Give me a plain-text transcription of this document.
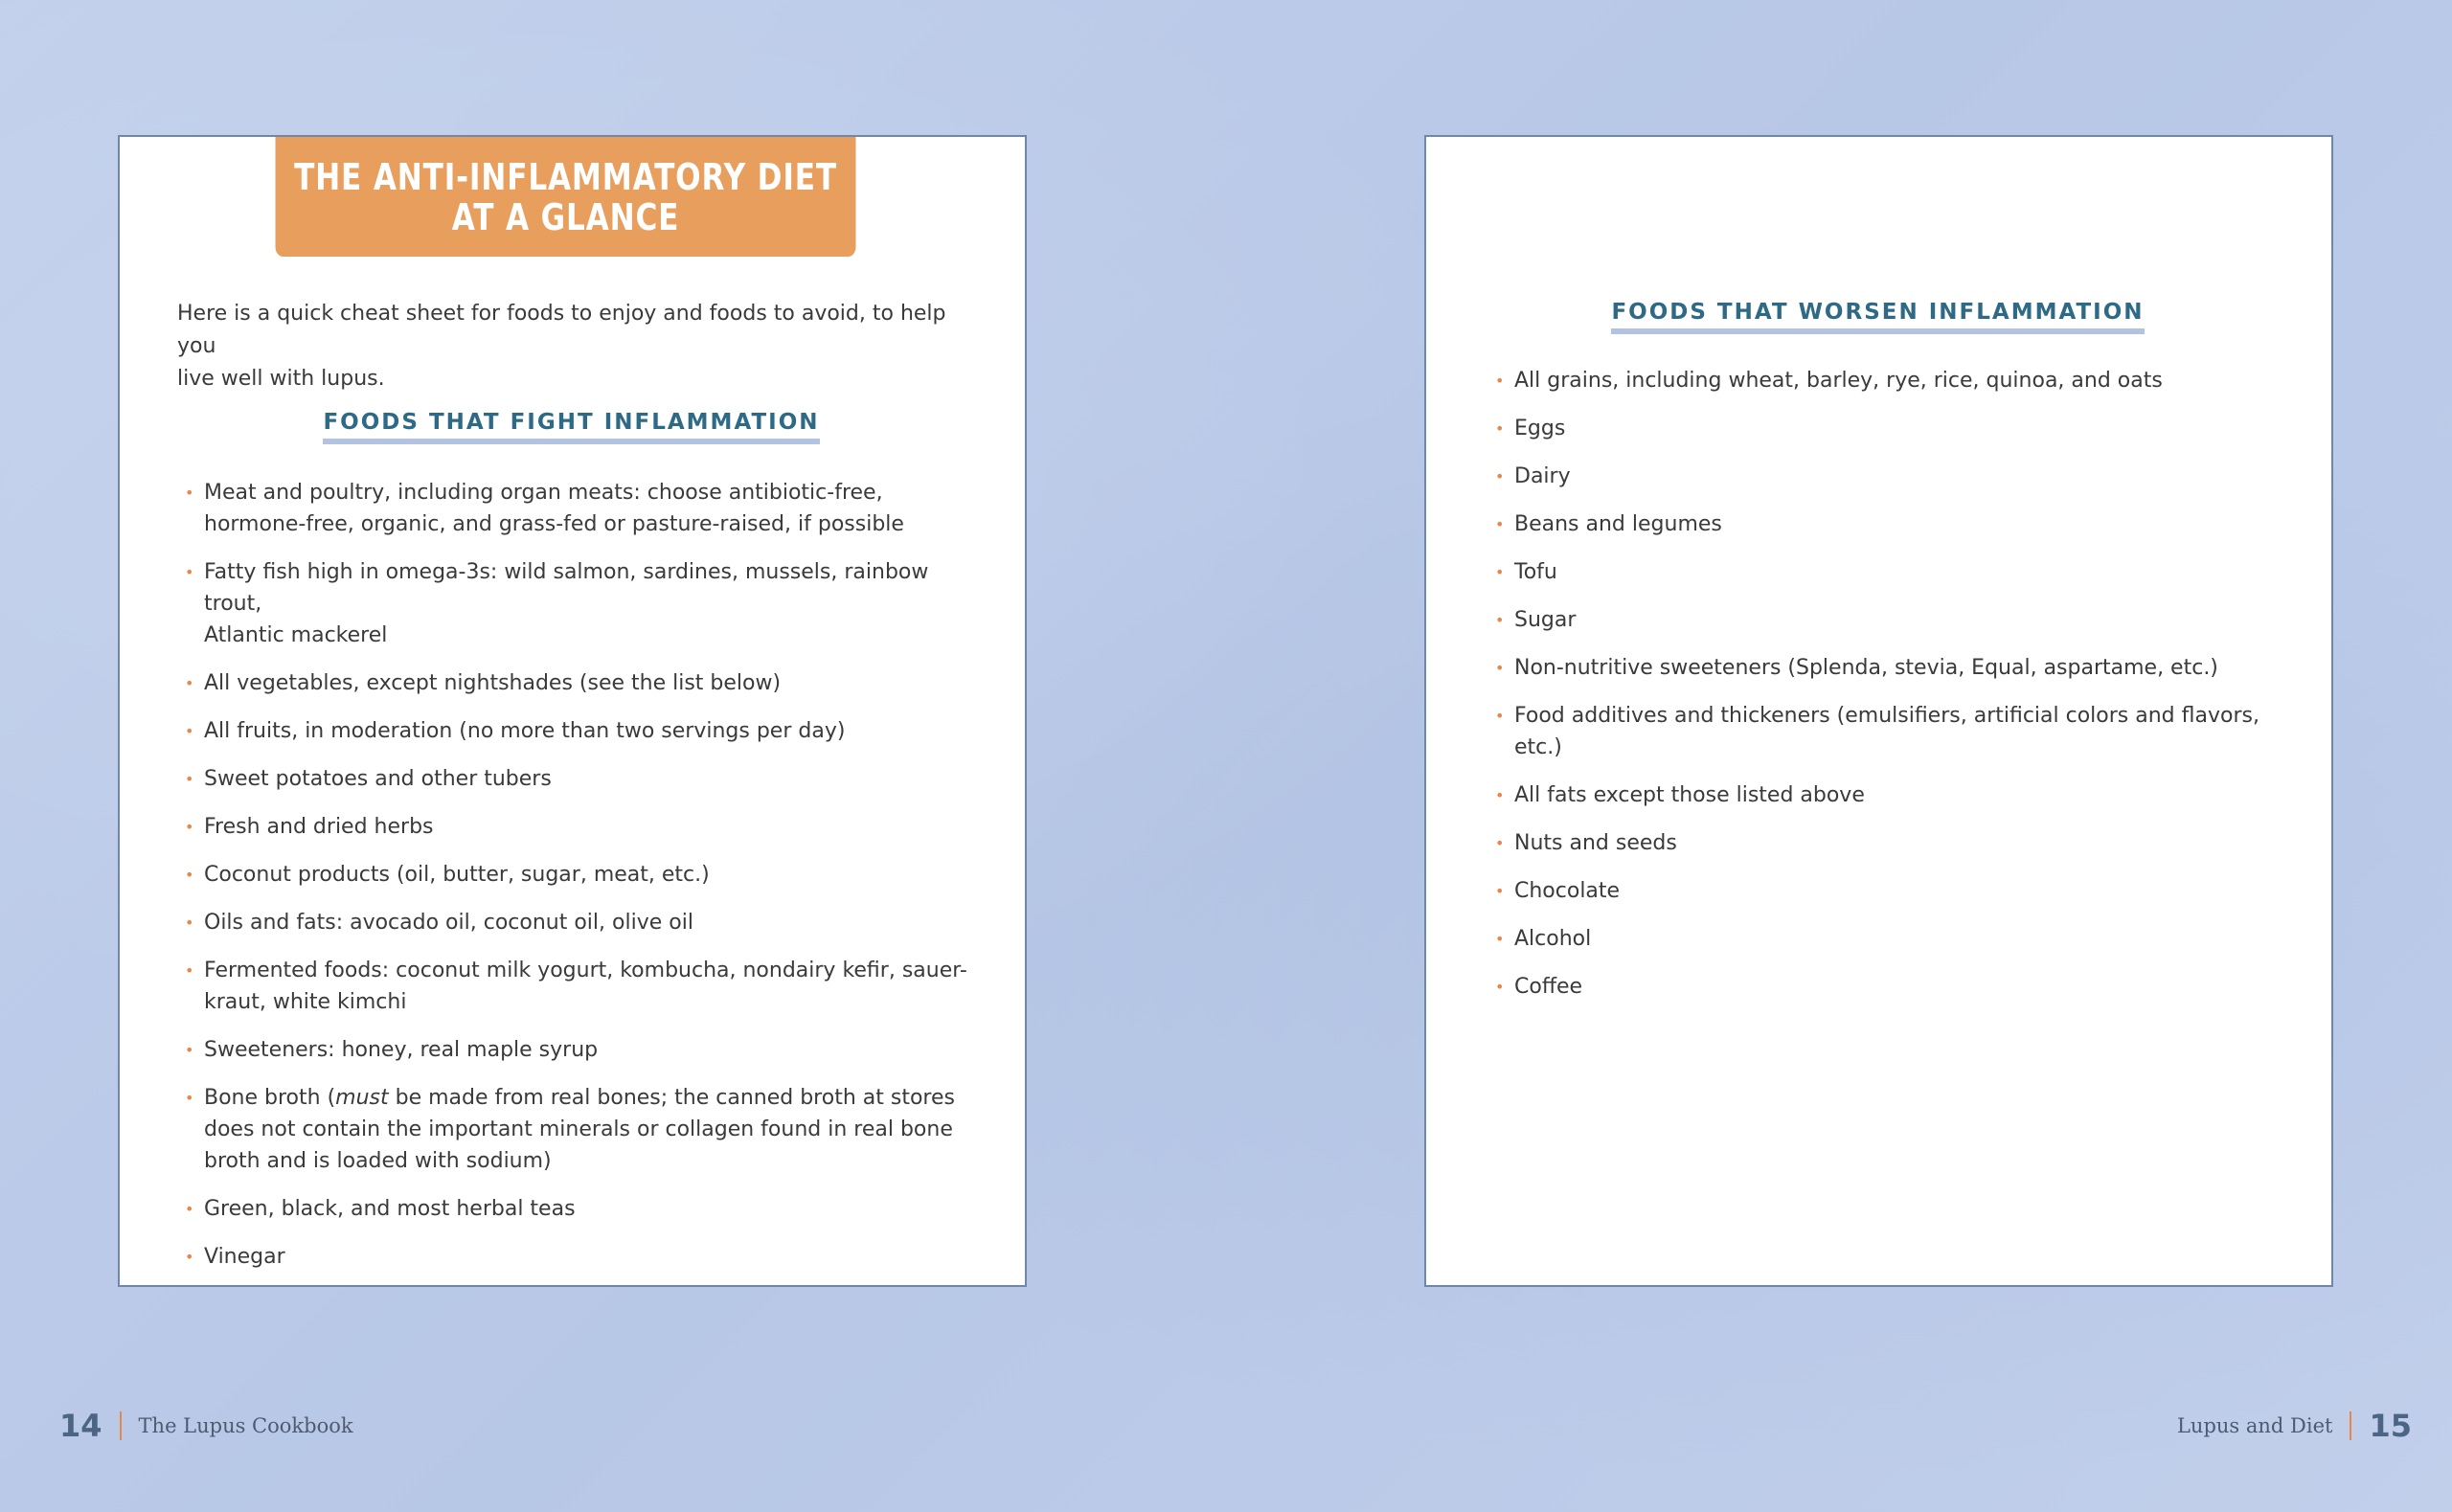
THE ANTI-INFLAMMATORY DIET
AT A GLANCE
Here is a quick cheat sheet for foods to enjoy and foods to avoid, to help you
live well with lupus.
FOODS THAT FIGHT INFLAMMATION
• Meat and poultry, including organ meats: choose antibiotic-free,
hormone-free, organic, and grass-fed or pasture-raised, if possible
• Fatty fish high in omega-3s: wild salmon, sardines, mussels, rainbow trout,
Atlantic mackerel
• All vegetables, except nightshades (see the list below)
• All fruits, in moderation (no more than two servings per day)
• Sweet potatoes and other tubers
• Fresh and dried herbs
• Coconut products (oil, butter, sugar, meat, etc.)
• Oils and fats: avocado oil, coconut oil, olive oil
• Fermented foods: coconut milk yogurt, kombucha, nondairy kefir, sauer-
kraut, white kimchi
• Sweeteners: honey, real maple syrup
• Bone broth (must be made from real bones; the canned broth at stores
does not contain the important minerals or collagen found in real bone
broth and is loaded with sodium)
• Green, black, and most herbal teas
• Vinegar
FOODS THAT WORSEN INFLAMMATION
• All grains, including wheat, barley, rye, rice, quinoa, and oats
• Eggs
• Dairy
• Beans and legumes
• Tofu
• Sugar
• Non-nutritive sweeteners (Splenda, stevia, Equal, aspartame, etc.)
• Food additives and thickeners (emulsifiers, artificial colors and flavors, etc.)
• All fats except those listed above
• Nuts and seeds
• Chocolate
• Alcohol
• Coffee
14 The Lupus Cookbook	Lupus and Diet 15
